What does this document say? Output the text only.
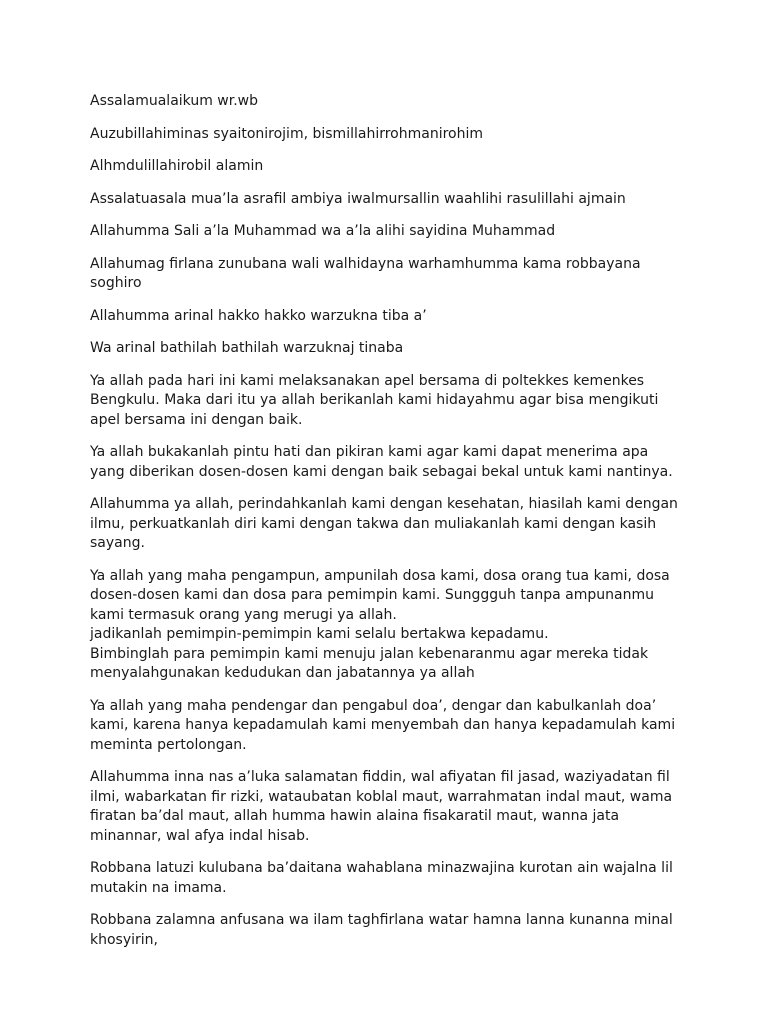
Assalamualaikum wr.wb

Auzubillahiminas syaitonirojim, bismillahirrohmanirohim

Alhmdulillahirobil alamin

Assalatuasala mua’la asrafil ambiya iwalmursallin waahlihi rasulillahi ajmain

Allahumma Sali a’la Muhammad wa a’la alihi sayidina Muhammad

Allahumag firlana zunubana wali walhidayna warhamhumma kama robbayana
soghiro

Allahumma arinal hakko hakko warzukna tiba a’

Wa arinal bathilah bathilah warzuknaj tinaba

Ya allah pada hari ini kami melaksanakan apel bersama di poltekkes kemenkes
Bengkulu. Maka dari itu ya allah berikanlah kami hidayahmu agar bisa mengikuti
apel bersama ini dengan baik.

Ya allah bukakanlah pintu hati dan pikiran kami agar kami dapat menerima apa
yang diberikan dosen-dosen kami dengan baik sebagai bekal untuk kami nantinya.

Allahumma ya allah, perindahkanlah kami dengan kesehatan, hiasilah kami dengan
ilmu, perkuatkanlah diri kami dengan takwa dan muliakanlah kami dengan kasih
sayang.

Ya allah yang maha pengampun, ampunilah dosa kami, dosa orang tua kami, dosa
dosen-dosen kami dan dosa para pemimpin kami. Sunggguh tanpa ampunanmu
kami termasuk orang yang merugi ya allah.
jadikanlah pemimpin-pemimpin kami selalu bertakwa kepadamu.
Bimbinglah para pemimpin kami menuju jalan kebenaranmu agar mereka tidak
menyalahgunakan kedudukan dan jabatannya ya allah

Ya allah yang maha pendengar dan pengabul doa’, dengar dan kabulkanlah doa’
kami, karena hanya kepadamulah kami menyembah dan hanya kepadamulah kami
meminta pertolongan.

Allahumma inna nas a’luka salamatan fiddin, wal afiyatan fil jasad, waziyadatan fil
ilmi, wabarkatan fir rizki, wataubatan koblal maut, warrahmatan indal maut, wama
firatan ba’dal maut, allah humma hawin alaina fisakaratil maut, wanna jata
minannar, wal afya indal hisab.

Robbana latuzi kulubana ba’daitana wahablana minazwajina kurotan ain wajalna lil
mutakin na imama.

Robbana zalamna anfusana wa ilam taghfirlana watar hamna lanna kunanna minal
khosyirin,
